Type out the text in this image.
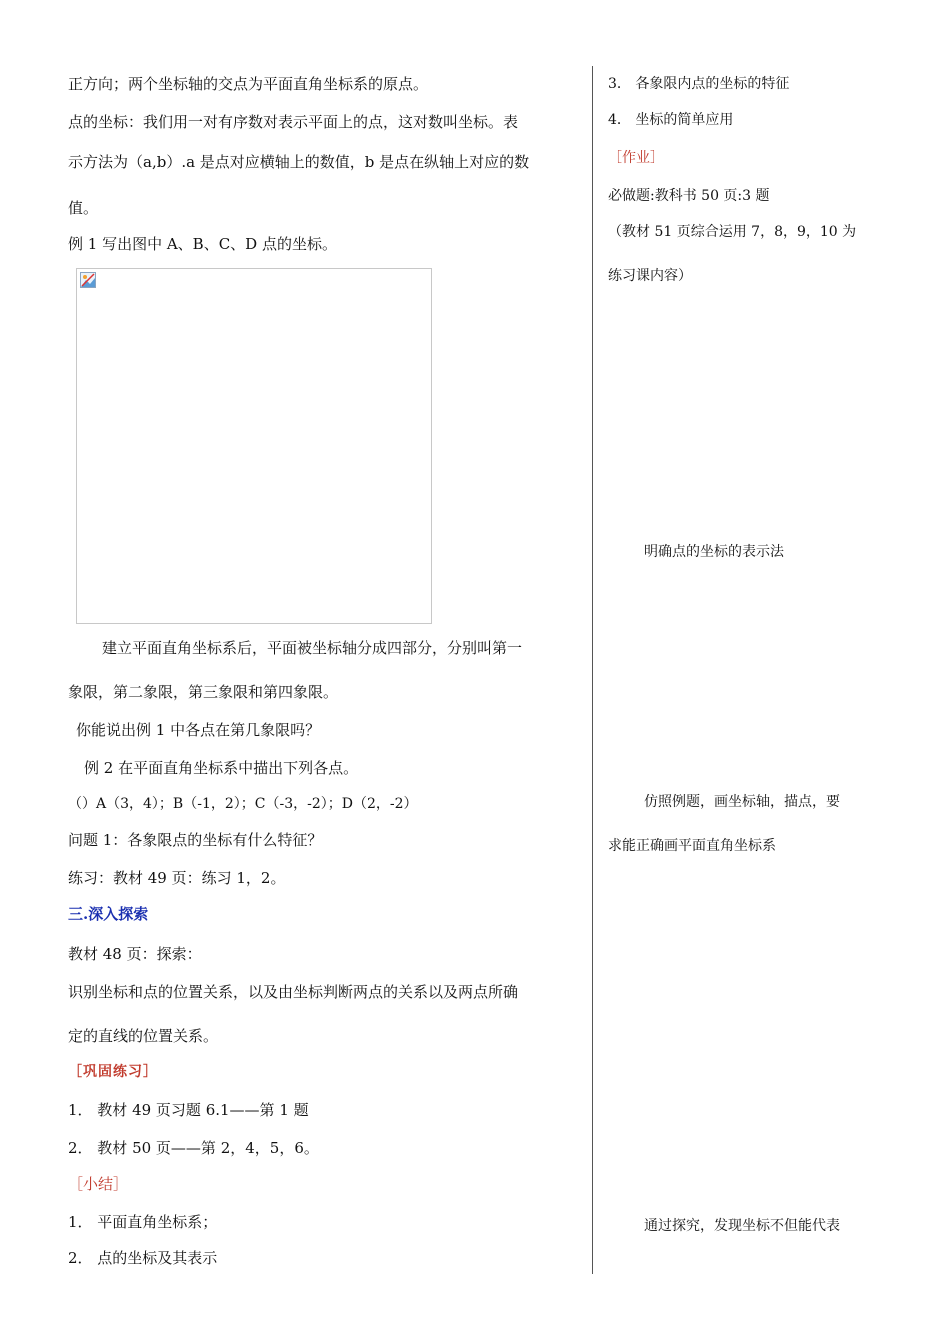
正方向；两个坐标轴的交点为平面直角坐标系的原点。
点的坐标：我们用一对有序数对表示平面上的点，这对数叫坐标。表
示方法为（a,b）.a 是点对应横轴上的数值，b 是点在纵轴上对应的数
值。
例 1 写出图中 A、B、C、D 点的坐标。
建立平面直角坐标系后，平面被坐标轴分成四部分，分别叫第一
象限，第二象限，第三象限和第四象限。
你能说出例 1 中各点在第几象限吗？
例 2 在平面直角坐标系中描出下列各点。
（）A（3，4）；B（-1，2）；C（-3，-2）；D（2，-2）
问题 1：各象限点的坐标有什么特征？
练习：教材 49 页：练习 1，2。
三.深入探索
教材 48 页：探索：
识别坐标和点的位置关系，以及由坐标判断两点的关系以及两点所确
定的直线的位置关系。
［巩固练习］
1． 教材 49 页习题 6.1——第 1 题
2． 教材 50 页——第 2，4，5，6。
［小结］
1． 平面直角坐标系；
2． 点的坐标及其表示
3． 各象限内点的坐标的特征
4． 坐标的简单应用
［作业］
必做题:教科书 50 页:3 题
（教材 51 页综合运用 7，8，9，10 为
练习课内容）
明确点的坐标的表示法
仿照例题，画坐标轴，描点，要
求能正确画平面直角坐标系
通过探究，发现坐标不但能代表
